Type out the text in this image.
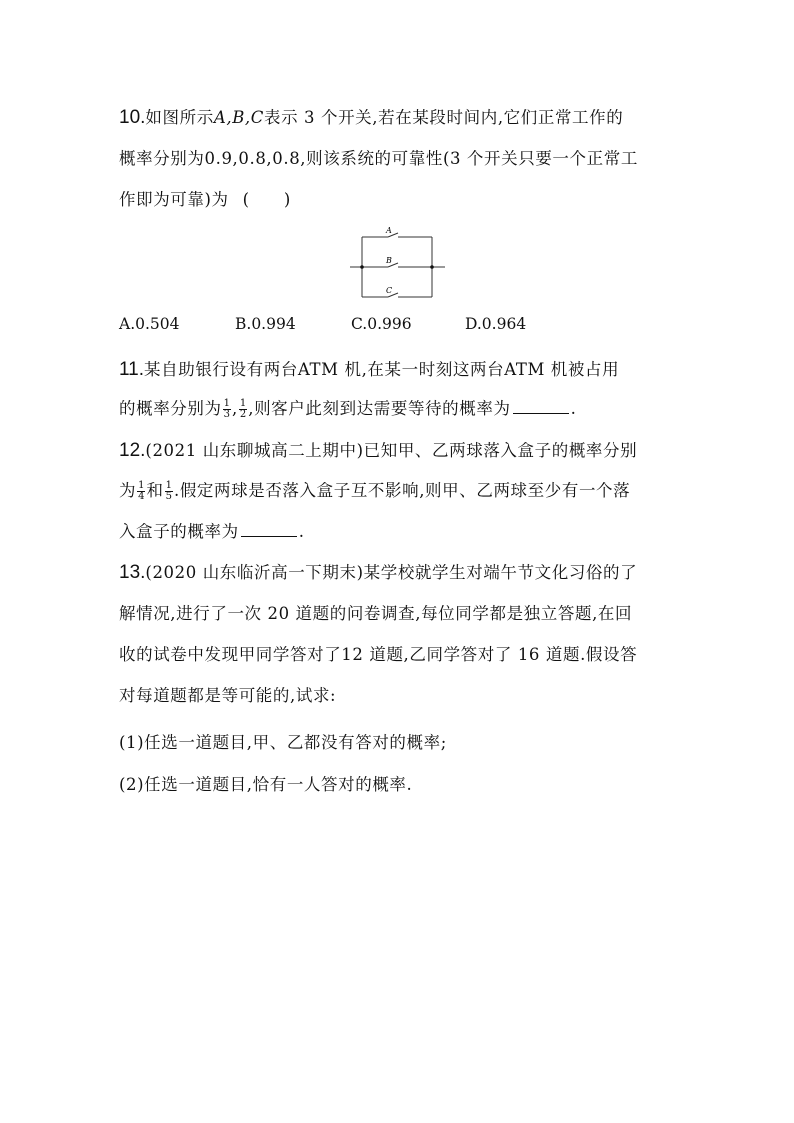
10.如图所示A,B,C表示 3 个开关,若在某段时间内,它们正常工作的
概率分别为0.9,0.8,0.8,则该系统的可靠性(3 个开关只要一个正常工
作即为可靠)为 (　　)
A
B
C
A.0.504	B.0.994	C.0.996	D.0.964
11.某自助银行设有两台ATM 机,在某一时刻这两台ATM 机被占用
的概率分别为 $\frac{1}{3}$ , $\frac{1}{2}$ ,则客户此刻到达需要等待的概率为	.
12.(2021 山东聊城高二上期中)已知甲、乙两球落入盒子的概率分别
为 $\frac{1}{4}$ 和 $\frac{1}{5}$ .假定两球是否落入盒子互不影响,则甲、乙两球至少有一个落
入盒子的概率为	.
13.(2020 山东临沂高一下期末)某学校就学生对端午节文化习俗的了
解情况,进行了一次 20 道题的问卷调查,每位同学都是独立答题,在回
收的试卷中发现甲同学答对了12 道题,乙同学答对了 16 道题.假设答
对每道题都是等可能的,试求:
(1)任选一道题目,甲、乙都没有答对的概率;
(2)任选一道题目,恰有一人答对的概率.
